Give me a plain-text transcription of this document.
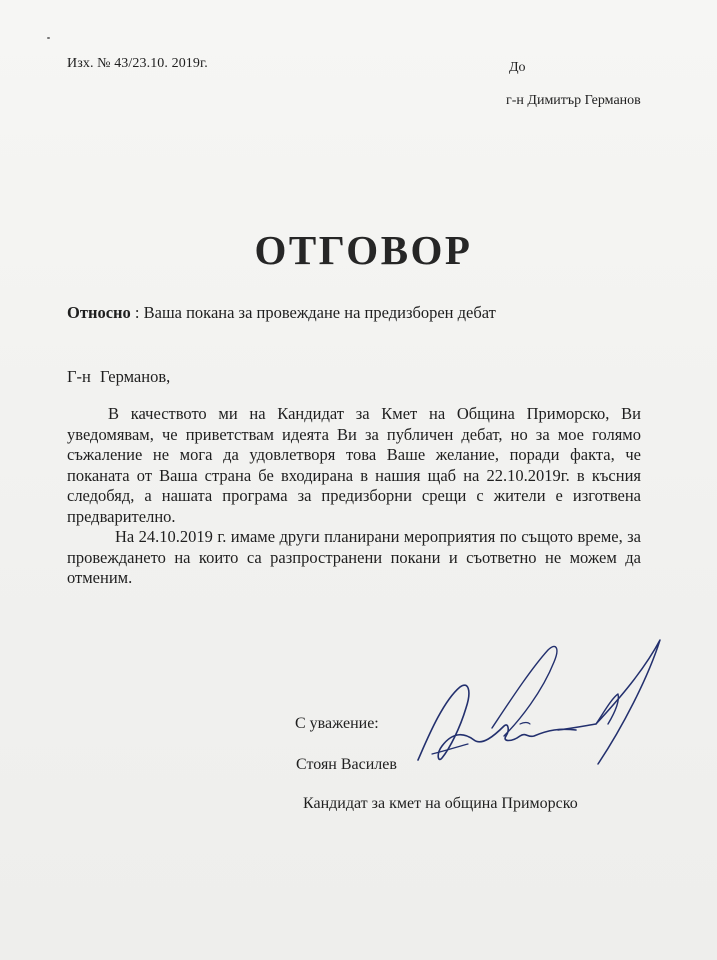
Изх. № 43/23.10. 2019г.	До
г-н Димитър Германов
ОТГОВОР
Относно : Ваша покана за провеждане на предизборен дебат
Г-н Германов,

В качеството ми на Кандидат за Кмет на Община Приморско, Ви уведомявам, че приветствам идеята Ви за публичен дебат, но за мое голямо съжаление не мога да удовлетворя това Ваше желание, поради факта, че поканата от Ваша страна бе входирана в нашия щаб на 22.10.2019г. в късния следобяд, а нашата програма за предизборни срещи с жители е изготвена предварително.

На 24.10.2019 г. имаме други планирани мероприятия по същото време, за провеждането на които са разпространени покани и съответно не можем да отменим.

С уважение:
Стоян Василев
Кандидат за кмет на община Приморско
